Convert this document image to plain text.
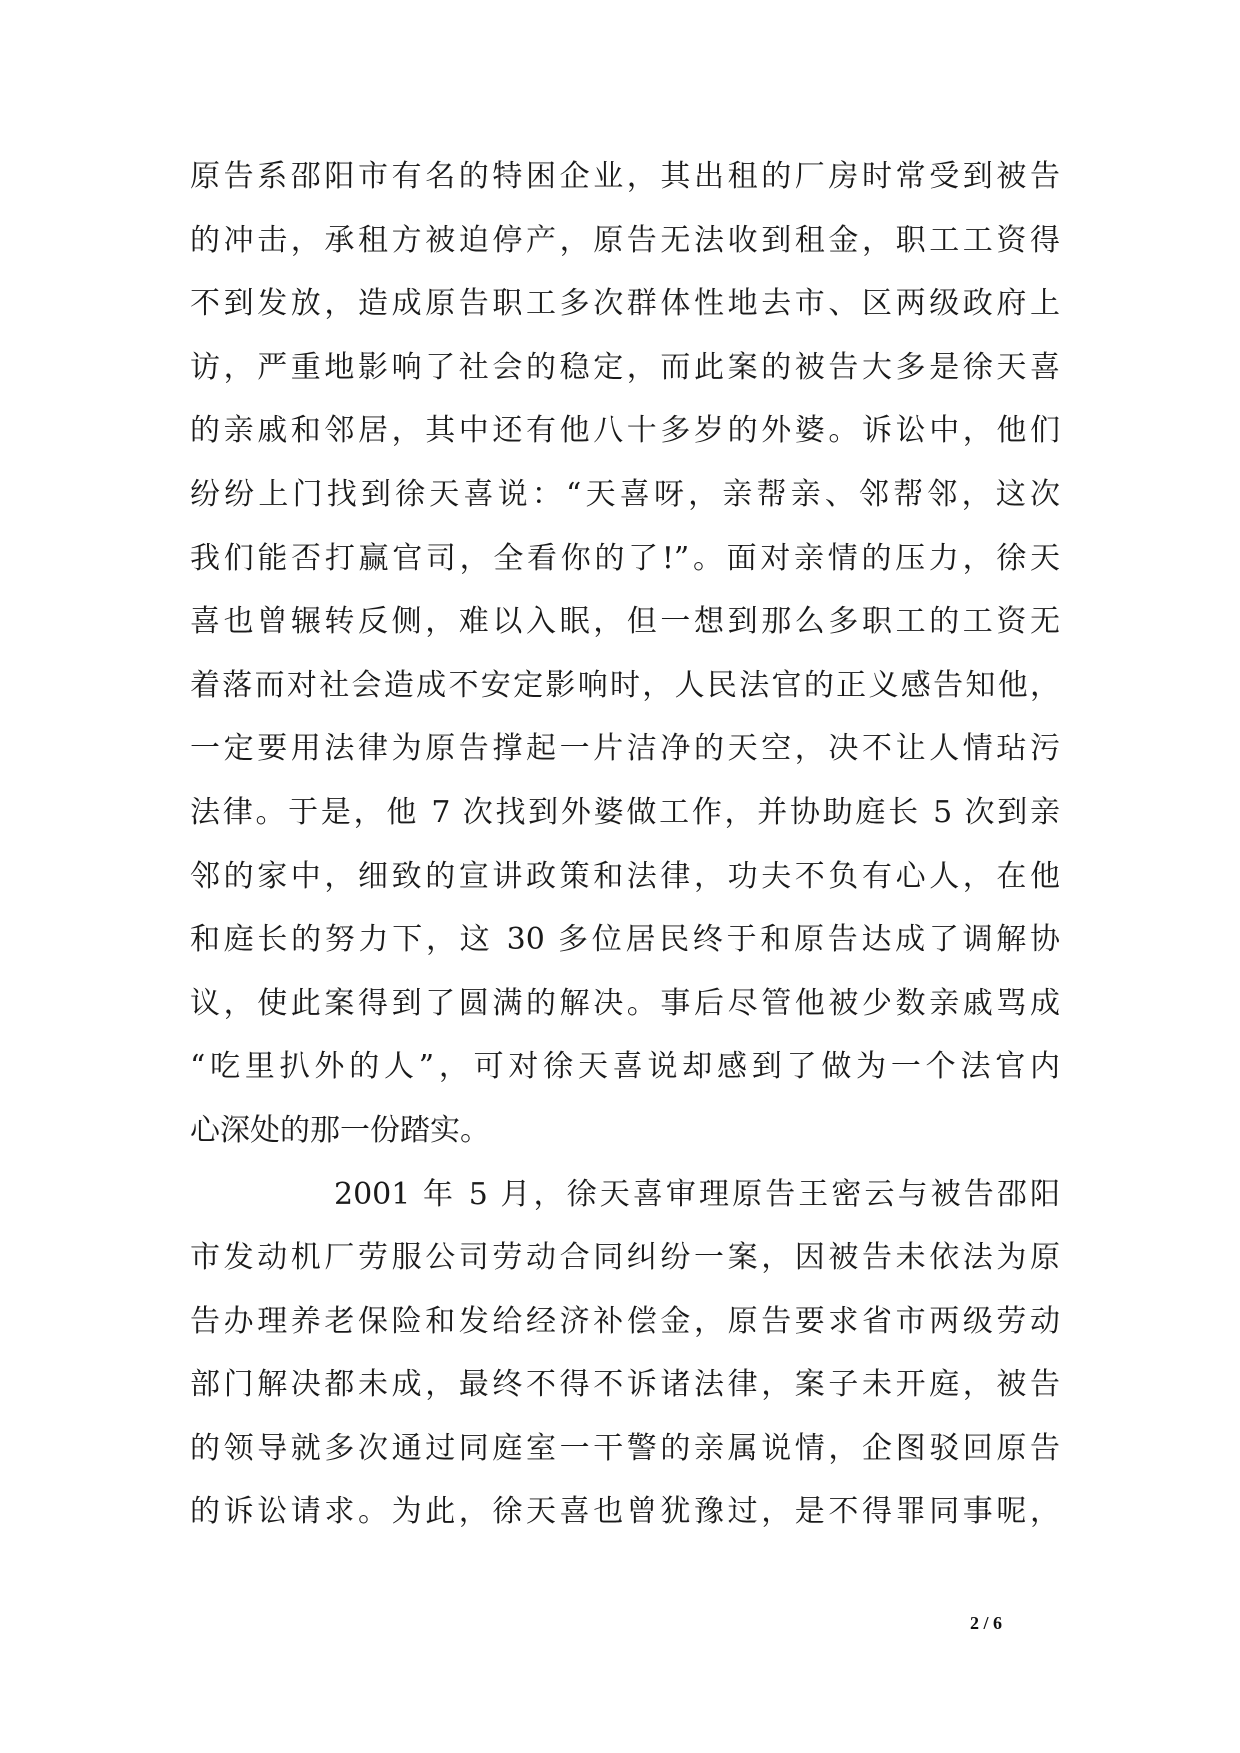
原告系邵阳市有名的特困企业，其出租的厂房时常受到被告
的冲击，承租方被迫停产，原告无法收到租金，职工工资得
不到发放，造成原告职工多次群体性地去市、区两级政府上
访，严重地影响了社会的稳定，而此案的被告大多是徐天喜
的亲戚和邻居，其中还有他八十多岁的外婆。诉讼中，他们
纷纷上门找到徐天喜说：“天喜呀，亲帮亲、邻帮邻，这次
我们能否打赢官司，全看你的了!”。面对亲情的压力，徐天
喜也曾辗转反侧，难以入眠，但一想到那么多职工的工资无
着落而对社会造成不安定影响时，人民法官的正义感告知他，
一定要用法律为原告撑起一片洁净的天空，决不让人情玷污
法律。于是，他 7 次找到外婆做工作，并协助庭长 5 次到亲
邻的家中，细致的宣讲政策和法律，功夫不负有心人，在他
和庭长的努力下，这 30 多位居民终于和原告达成了调解协
议，使此案得到了圆满的解决。事后尽管他被少数亲戚骂成
“吃里扒外的人”，可对徐天喜说却感到了做为一个法官内
心深处的那一份踏实。
2001 年 5 月，徐天喜审理原告王密云与被告邵阳
市发动机厂劳服公司劳动合同纠纷一案，因被告未依法为原
告办理养老保险和发给经济补偿金，原告要求省市两级劳动
部门解决都未成，最终不得不诉诸法律，案子未开庭，被告
的领导就多次通过同庭室一干警的亲属说情，企图驳回原告
的诉讼请求。为此，徐天喜也曾犹豫过，是不得罪同事呢，
2 / 6
